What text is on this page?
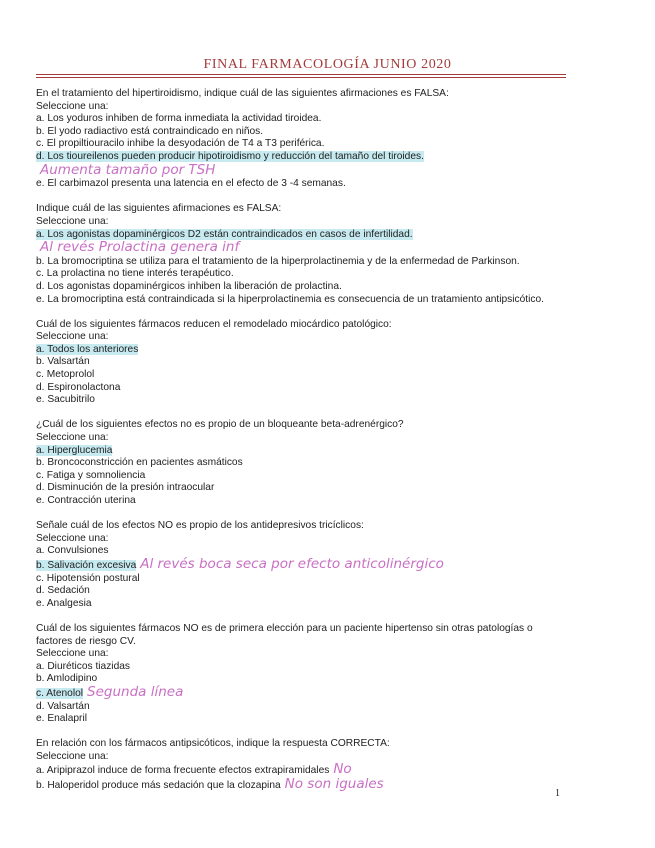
FINAL FARMACOLOGÍA JUNIO 2020

En el tratamiento del hipertiroidismo, indique cuál de las siguientes afirmaciones es FALSA:

Seleccione una:

a. Los yoduros inhiben de forma inmediata la actividad tiroidea.

b. El yodo radiactivo está contraindicado en niños.

c. El propiltiouracilo inhibe la desyodación de T4 a T3 periférica.

d. Los tioureilenos pueden producir hipotiroidismo y reducción del tamaño del tiroides.Aumenta tamaño por TSH

e. El carbimazol presenta una latencia en el efecto de 3 -4 semanas.

Indique cuál de las siguientes afirmaciones es FALSA:

Seleccione una:

a. Los agonistas dopaminérgicos D2 están contraindicados en casos de infertilidad.Al revés Prolactina genera inf

b. La bromocriptina se utiliza para el tratamiento de la hiperprolactinemia y de la enfermedad de Parkinson.

c. La prolactina no tiene interés terapéutico.

d. Los agonistas dopaminérgicos inhiben la liberación de prolactina.

e. La bromocriptina está contraindicada si la hiperprolactinemia es consecuencia de un tratamiento antipsicótico.

Cuál de los siguientes fármacos reducen el remodelado miocárdico patológico:

Seleccione una:

a. Todos los anteriores

b. Valsartán

c. Metoprolol

d. Espironolactona

e. Sacubitrilo

¿Cuál de los siguientes efectos no es propio de un bloqueante beta-adrenérgico?

Seleccione una:

a. Hiperglucemia

b. Broncoconstricción en pacientes asmáticos

c. Fatiga y somnoliencia

d. Disminución de la presión intraocular

e. Contracción uterina

Señale cuál de los efectos NO es propio de los antidepresivos tricíclicos:

Seleccione una:

a. Convulsiones

b. Salivación excesiva Al revés boca seca por efecto anticolinérgico

c. Hipotensión postural

d. Sedación

e. Analgesia

Cuál de los siguientes fármacos NO es de primera elección para un paciente hipertenso sin otras patologías o factores de riesgo CV.

Seleccione una:

a. Diuréticos tiazidas

b. Amlodipino

c. Atenolol Segunda línea

d. Valsartán

e. Enalapril

En relación con los fármacos antipsicóticos, indique la respuesta CORRECTA:

Seleccione una:

a. Aripiprazol induce de forma frecuente efectos extrapiramidales No

b. Haloperidol produce más sedación que la clozapina No son iguales

1
